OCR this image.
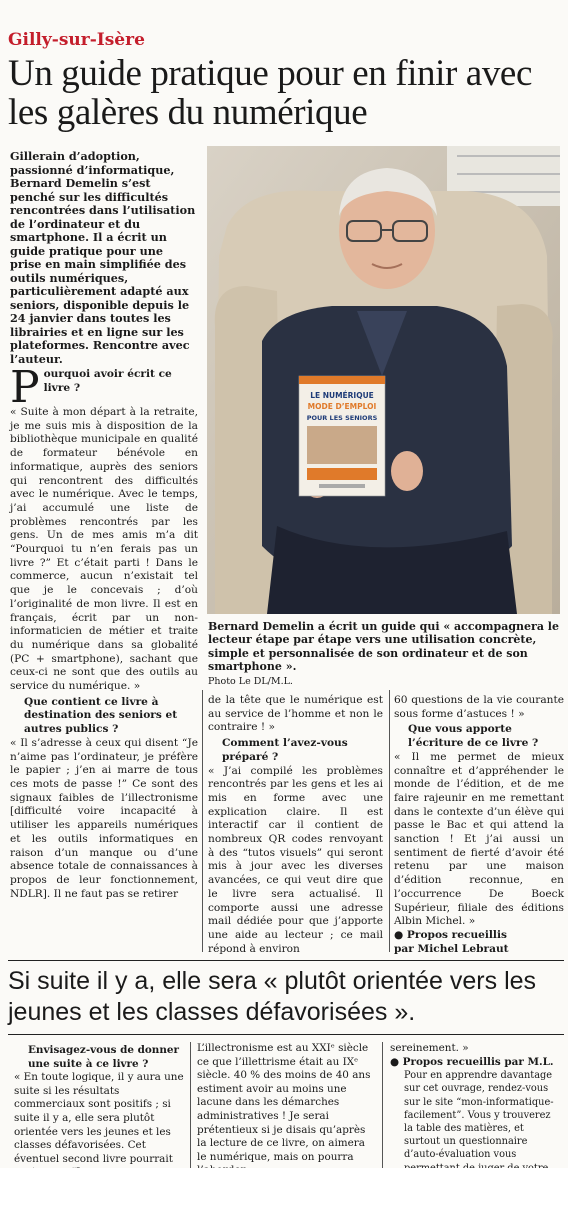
Gilly-sur-Isère
Un guide pratique pour en finir avec les galères du numérique
Gillerain d’adoption, passionné d’informatique, Bernard Demelin s’est penché sur les difficultés rencontrées dans l’utilisation de l’ordinateur et du smartphone. Il a écrit un guide pratique pour une prise en main simplifiée des outils numériques, particulièrement adapté aux seniors, disponible depuis le 24 janvier dans toutes les librairies et en ligne sur les plateformes. Rencontre avec l’auteur.
LE NUMÉRIQUE
MODE D’EMPLOI
POUR LES SENIORS
Bernard Demelin a écrit un guide qui « accompagnera le lecteur étape par étape vers une utilisation concrète, simple et personnalisée de son ordinateur et de son smartphone ».
Photo Le DL/M.L.
P ourquoi avoir écrit ce livre ?

« Suite à mon départ à la retraite, je me suis mis à disposition de la bibliothèque municipale en qualité de formateur bénévole en informatique, auprès des seniors qui rencontrent des difficultés avec le numérique. Avec le temps, j’ai accumulé une liste de problèmes rencontrés par les gens. Un de mes amis m’a dit “Pourquoi tu n’en ferais pas un livre ?” Et c’était parti ! Dans le commerce, aucun n’existait tel que je le concevais ; d’où l’originalité de mon livre. Il est en français, écrit par un non-informaticien de métier et traite du numérique dans sa globalité (PC + smartphone), sachant que ceux-ci ne sont que des outils au service du numérique. »

Que contient ce livre à destination des seniors et autres publics ?

« Il s’adresse à ceux qui disent “Je n’aime pas l’ordinateur, je préfère le papier ; j’en ai marre de tous ces mots de passe !” Ce sont des signaux faibles de l’illectronisme [difficulté voire incapacité à utiliser les appareils numériques et les outils informatiques en raison d’un manque ou d’une absence totale de connaissances à propos de leur fonctionnement, NDLR]. Il ne faut pas se retirer

de la tête que le numérique est au service de l’homme et non le contraire ! »

Comment l’avez-vous préparé ?

« J’ai compilé les problèmes rencontrés par les gens et les ai mis en forme avec une explication claire. Il est interactif car il contient de nombreux QR codes renvoyant à des “tutos visuels” qui seront mis à jour avec les diverses avancées, ce qui veut dire que le livre sera actualisé. Il comporte aussi une adresse mail dédiée pour que j’apporte une aide au lecteur ; ce mail répond à environ

60 questions de la vie courante sous forme d’astuces ! »

Que vous apporte l’écriture de ce livre ?

« Il me permet de mieux connaître et d’appréhender le monde de l’édition, et de me faire rajeunir en me remettant dans le contexte d’un élève qui passe le Bac et qui attend la sanction ! Et j’ai aussi un sentiment de fierté d’avoir été retenu par une maison d’édition reconnue, en l’occurrence De Boeck Supérieur, filiale des éditions Albin Michel. »

● Propos recueillis

par Michel Lebraut

Si suite il y a, elle sera « plutôt orientée vers les jeunes et les classes défavorisées ».

Envisagez-vous de donner une suite à ce livre ?

« En toute logique, il y aura une suite si les résultats commerciaux sont positifs ; si suite il y a, elle sera plutôt orientée vers les jeunes et les classes défavorisées. Cet éventuel second livre pourrait

L’illectronisme est au XXIᵉ siècle ce que l’illettrisme était au IXᵉ siècle. 40 % des moins de 40 ans estiment avoir au moins une lacune dans les démarches administratives ! Je serai prétentieux si je disais qu’après la lecture de ce livre, on aimera le numérique, mais on pourra

sereinement. »

● Propos recueillis par M.L.

Pour en apprendre davantage sur cet ouvrage, rendez-vous sur le site “mon-informatique-facilement”. Vous y trouverez la table des matières, et surtout un questionnaire d’auto-évaluation vous
